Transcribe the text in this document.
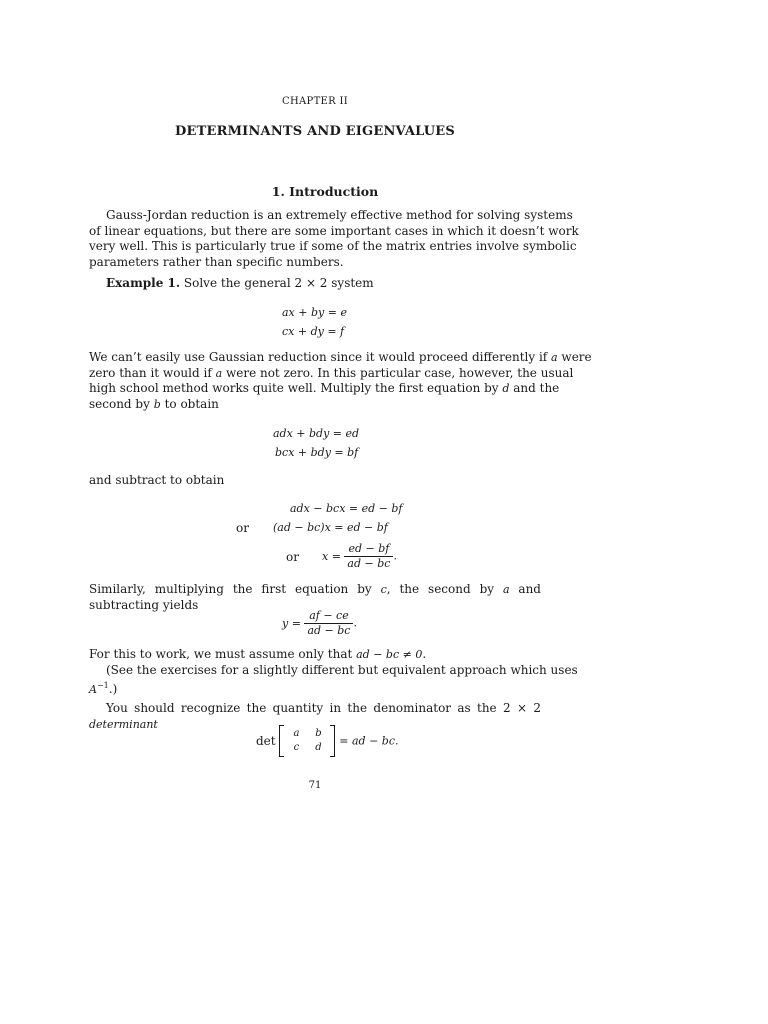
CHAPTER II
DETERMINANTS AND EIGENVALUES
1. Introduction
Gauss-Jordan reduction is an extremely effective method for solving systems
of linear equations, but there are some important cases in which it doesn’t work
very well. This is particularly true if some of the matrix entries involve symbolic
parameters rather than specific numbers.
Example 1. Solve the general 2 × 2 system
ax + by = e
cx + dy = f
We can’t easily use Gaussian reduction since it would proceed differently if a were
zero than it would if a were not zero. In this particular case, however, the usual
high school method works quite well. Multiply the first equation by d and the
second by b to obtain
adx + bdy = ed
bcx + bdy = bf
and subtract to obtain
adx − bcx = ed − bf
or (ad − bc)x = ed − bf
or $x = \frac{ed - bf}{ad - bc}$ .
Similarly, multiplying the first equation by c, the second by a and subtracting yields
$y = \frac{af - ce}{ad - bc}$ .
For this to work, we must assume only that ad − bc ≠ 0.
(See the exercises for a slightly different but equivalent approach which uses
$A^{-1}$.)
You should recognize the quantity in the denominator as the 2 × 2 determinant
det
a b
c d	= ad − bc.
71
